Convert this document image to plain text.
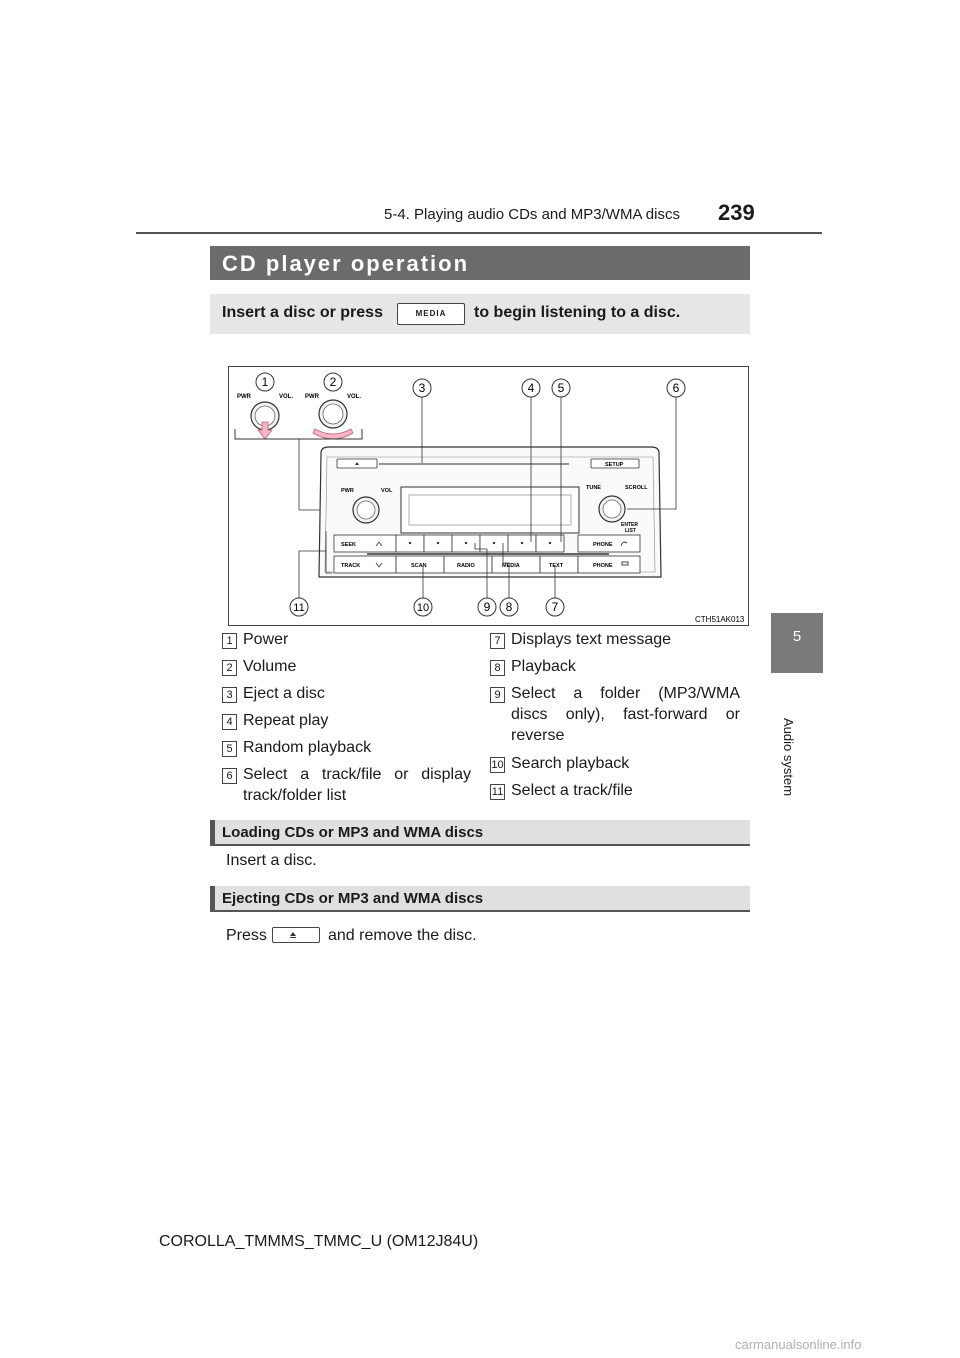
239
5-4. Playing audio CDs and MP3/WMA discs
5
Audio system
CD player operation
Insert a disc or press	MEDIA	to begin listening to a disc.
PWR	VOL. PWR	VOL.
SETUP
PWR	VOL	TUNE	SCROLL
ENTER
LIST
SEEK	PHONE
TRACK	SCAN	RADIO	MEDIA	TEXT	PHONE
1	2	3	4 5	6
7
8
9
10
11
CTH51AK013
1 Power
2 Volume
3 Eject a disc
4 Repeat play
5 Random playback
6 Select a track/file or display
track/folder list
7 Displays text message
8 Playback
9 Select a folder (MP3/WMA
discs only), fast-forward or
reverse
10 Search playback
11 Select a track/file
Loading CDs or MP3 and WMA discs
Insert a disc.
Ejecting CDs or MP3 and WMA discs
Press	and remove the disc.
COROLLA_TMMMS_TMMC_U (OM12J84U)
carmanualsonline.info
